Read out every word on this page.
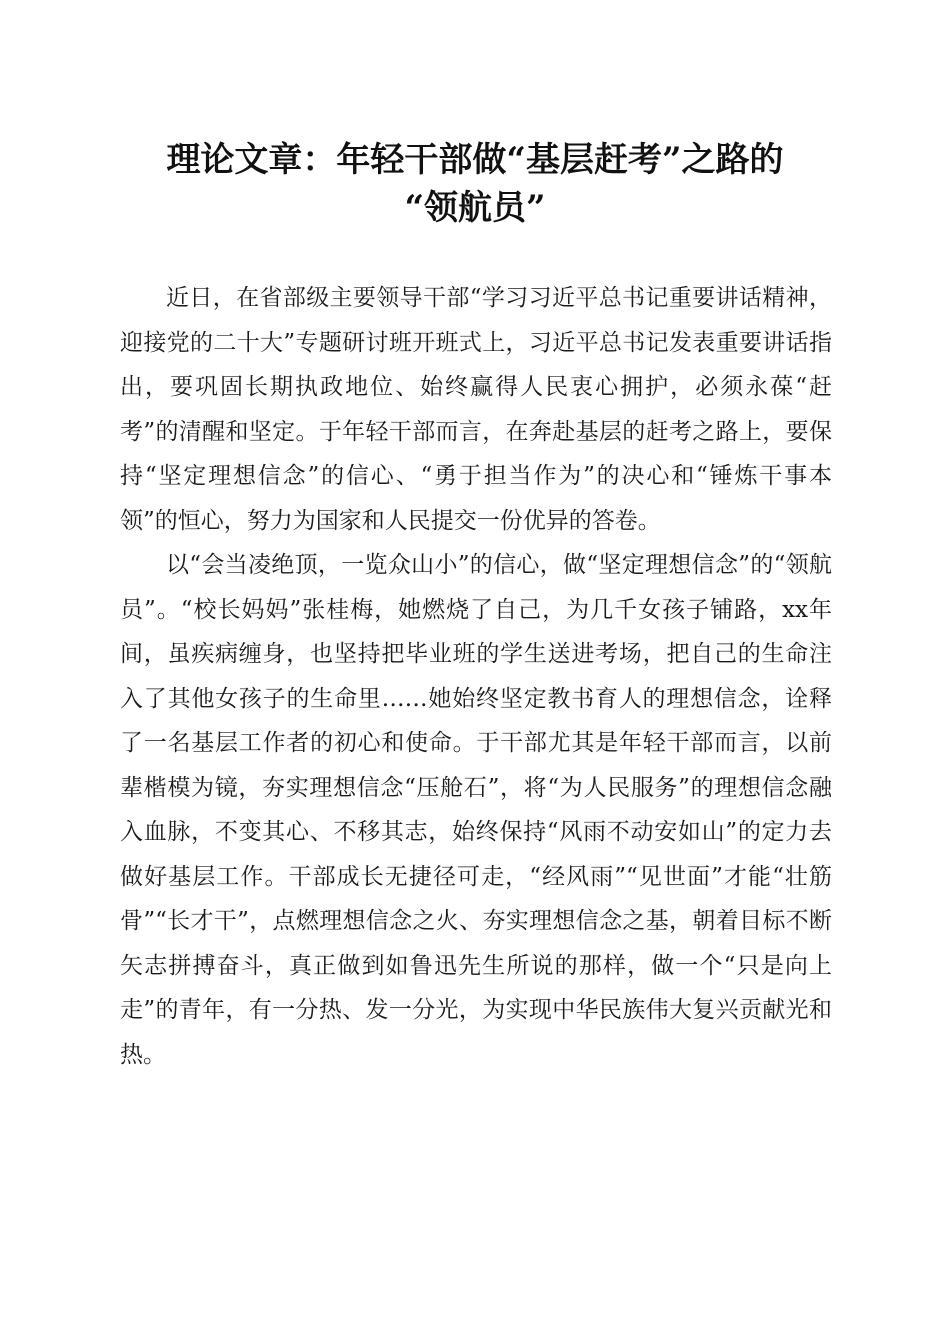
理论文章：年轻干部做“基层赶考”之路的
“领航员”

近日，在省部级主要领导干部“学习习近平总书记重要讲话精神，迎接党的二十大”专题研讨班开班式上，习近平总书记发表重要讲话指出，要巩固长期执政地位、始终赢得人民衷心拥护，必须永葆“赶考”的清醒和坚定。于年轻干部而言，在奔赴基层的赶考之路上，要保持“坚定理想信念”的信心、“勇于担当作为”的决心和“锤炼干事本领”的恒心，努力为国家和人民提交一份优异的答卷。

以“会当凌绝顶，一览众山小”的信心，做“坚定理想信念”的“领航员”。“校长妈妈”张桂梅，她燃烧了自己，为几千女孩子铺路，xx年间，虽疾病缠身，也坚持把毕业班的学生送进考场，把自己的生命注入了其他女孩子的生命里……她始终坚定教书育人的理想信念，诠释了一名基层工作者的初心和使命。于干部尤其是年轻干部而言，以前辈楷模为镜，夯实理想信念“压舱石”，将“为人民服务”的理想信念融入血脉，不变其心、不移其志，始终保持“风雨不动安如山”的定力去做好基层工作。干部成长无捷径可走，“经风雨”“见世面”才能“壮筋骨”“长才干”，点燃理想信念之火、夯实理想信念之基，朝着目标不断矢志拼搏奋斗，真正做到如鲁迅先生所说的那样，做一个“只是向上走”的青年，有一分热、发一分光，为实现中华民族伟大复兴贡献光和热。
